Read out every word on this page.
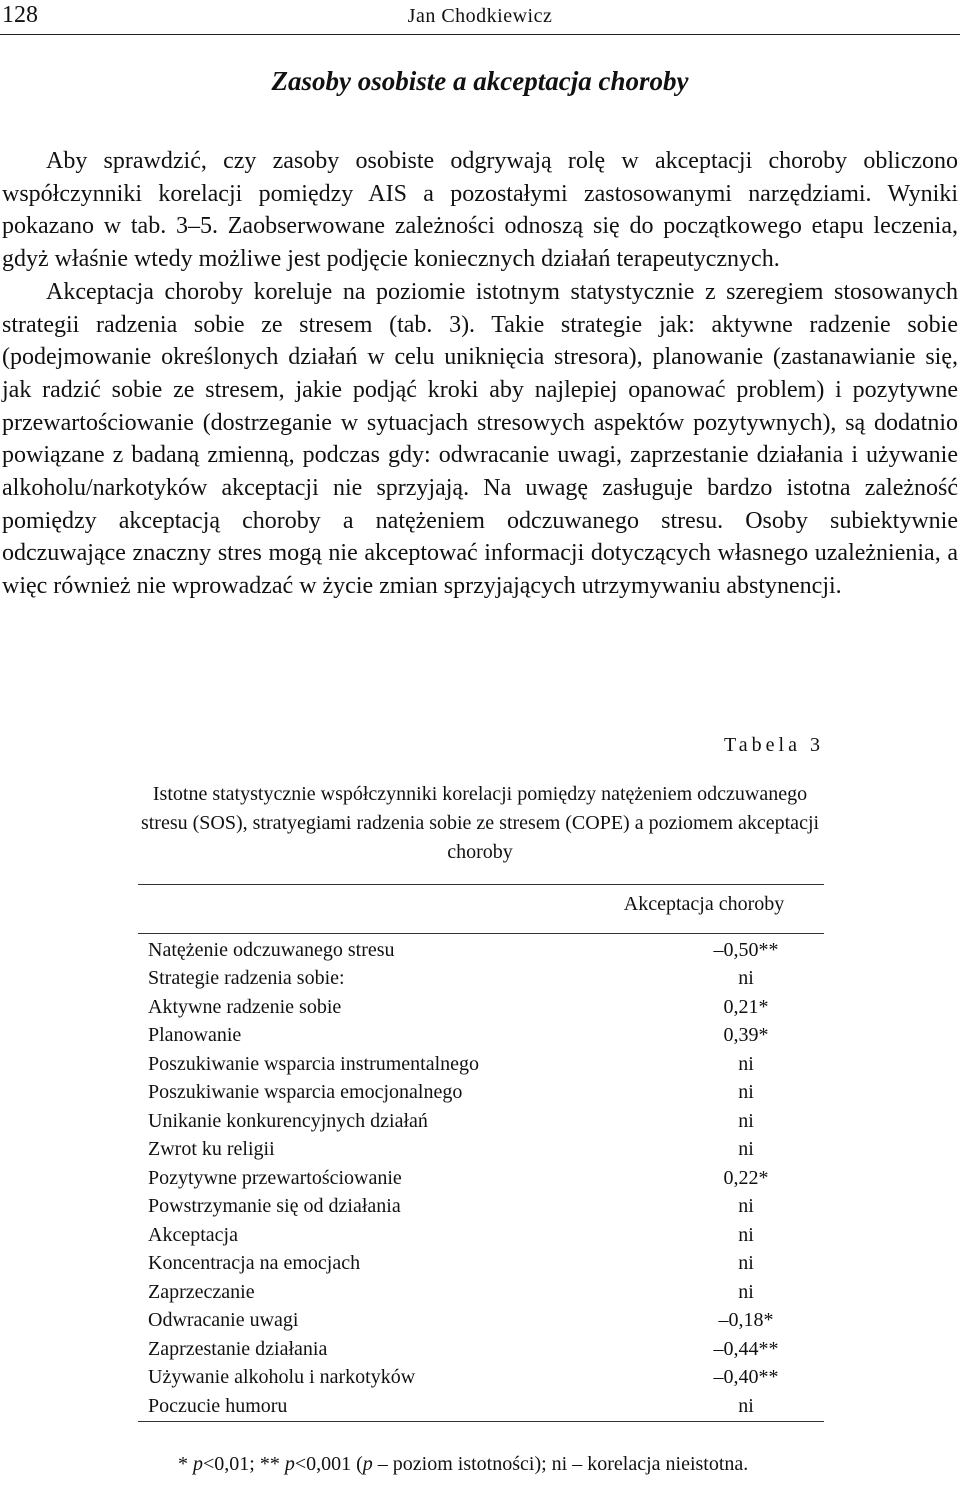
128	Jan Chodkiewicz
Zasoby osobiste a akceptacja choroby

Aby sprawdzić, czy zasoby osobiste odgrywają rolę w akceptacji choroby obliczono współczynniki korelacji pomiędzy AIS a pozostałymi zastosowanymi narzędziami. Wyniki pokazano w tab. 3–5. Zaobserwowane zależności odnoszą się do początkowego etapu leczenia, gdyż właśnie wtedy możliwe jest podjęcie koniecznych działań terapeutycznych.

Akceptacja choroby koreluje na poziomie istotnym statystycznie z szeregiem stosowanych strategii radzenia sobie ze stresem (tab. 3). Takie strategie jak: aktywne radzenie sobie (podejmowanie określonych działań w celu uniknięcia stresora), planowanie (zastanawianie się, jak radzić sobie ze stresem, jakie podjąć kroki aby najlepiej opanować problem) i pozytywne przewartościowanie (dostrzeganie w sytuacjach stresowych aspektów pozytywnych), są dodatnio powiązane z badaną zmienną, podczas gdy: odwracanie uwagi, zaprzestanie działania i używanie alkoholu/narkotyków akceptacji nie sprzyjają. Na uwagę zasługuje bardzo istotna zależność pomiędzy akceptacją choroby a natężeniem odczuwanego stresu. Osoby subiektywnie odczuwające znaczny stres mogą nie akceptować informacji dotyczących własnego uzależnienia, a więc również nie wprowadzać w życie zmian sprzyjających utrzymywaniu abstynencji.

Tabela 3
Istotne statystycznie współczynniki korelacji pomiędzy natężeniem odczuwanego stresu (SOS), stratyegiami radzenia sobie ze stresem (COPE) a poziomem akceptacji choroby
Akceptacja choroby
Natężenie odczuwanego stresu	–0,50**
Strategie radzenia sobie:	ni
Aktywne radzenie sobie	0,21*
Planowanie	0,39*
Poszukiwanie wsparcia instrumentalnego	ni
Poszukiwanie wsparcia emocjonalnego	ni
Unikanie konkurencyjnych działań	ni
Zwrot ku religii	ni
Pozytywne przewartościowanie	0,22*
Powstrzymanie się od działania	ni
Akceptacja	ni
Koncentracja na emocjach	ni
Zaprzeczanie	ni
Odwracanie uwagi	–0,18*
Zaprzestanie działania	–0,44**
Używanie alkoholu i narkotyków	–0,40**
Poczucie humoru	ni
* p<0,01; ** p<0,001 (p – poziom istotności); ni – korelacja nieistotna.
